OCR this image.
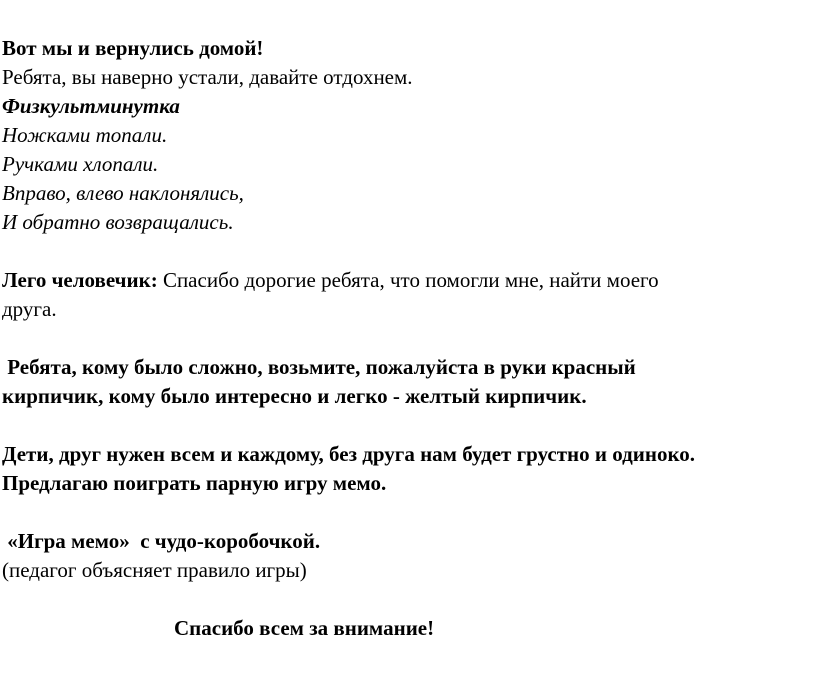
Вот мы и вернулись домой!
Ребята, вы наверно устали, давайте отдохнем.
Физкультминутка
Ножками топали.
Ручками хлопали.
Вправо, влево наклонялись,
И обратно возвращались.
Лего человечик: Спасибо дорогие ребята, что помогли мне, найти моего
друга.
Ребята, кому было сложно, возьмите, пожалуйста в руки красный
кирпичик, кому было интересно и легко - желтый кирпичик.
Дети, друг нужен всем и каждому, без друга нам будет грустно и одиноко.
Предлагаю поиграть парную игру мемо.
«Игра мемо»  с чудо-коробочкой.
(педагог объясняет правило игры)
Спасибо всем за внимание!
